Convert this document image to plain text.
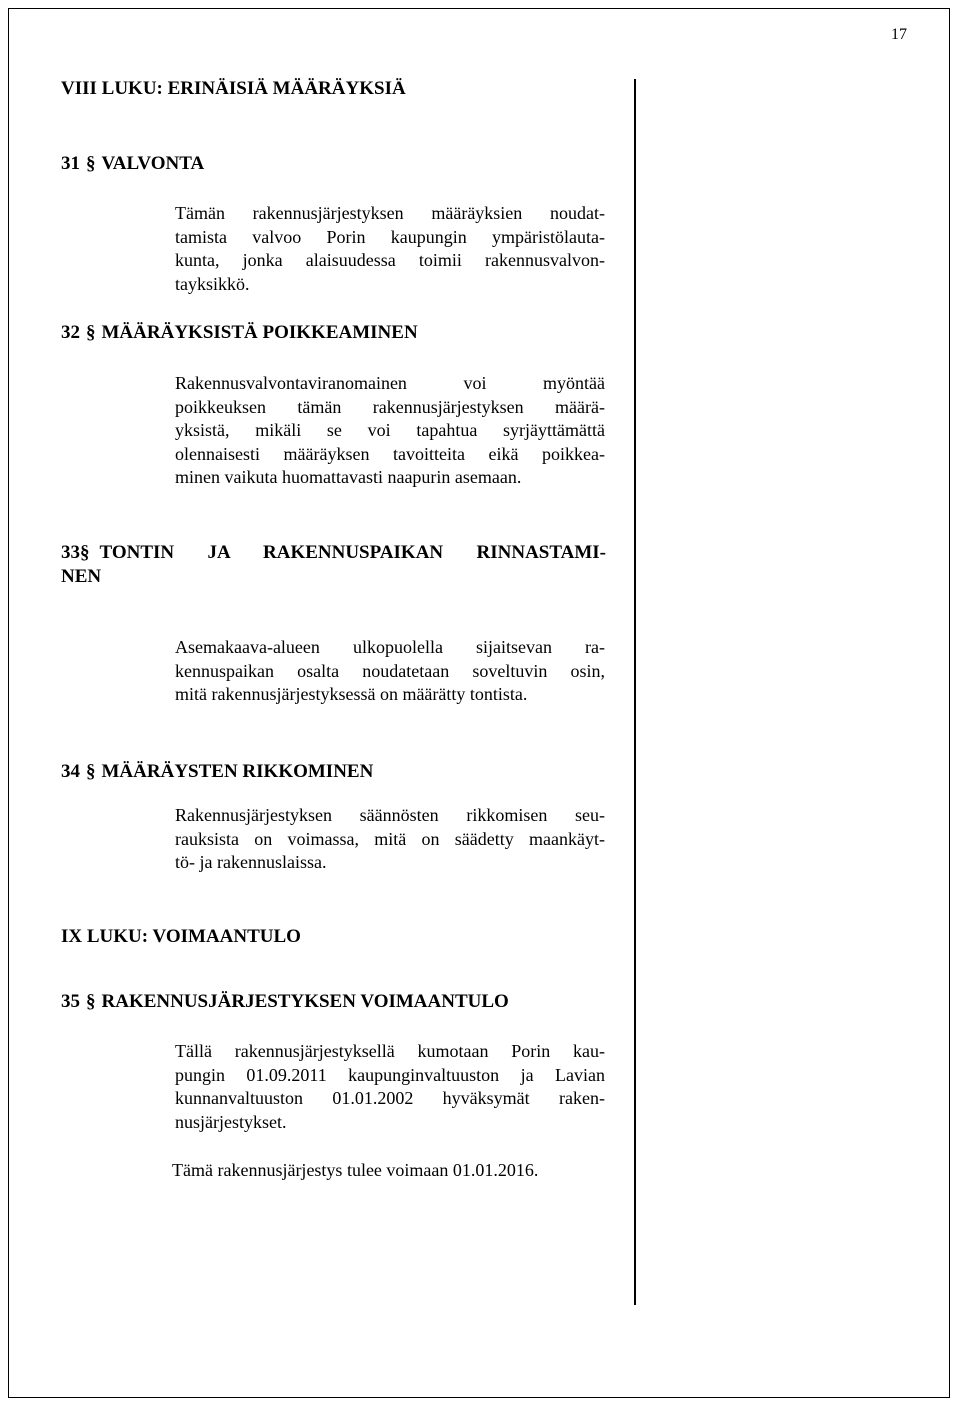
17
VIII LUKU: ERINÄISIÄ MÄÄRÄYKSIÄ
31 § VALVONTA

Tämän rakennusjärjestyksen määräyksien noudat-
tamista valvoo Porin kaupungin ympäristölauta-
kunta, jonka alaisuudessa toimii rakennusvalvon-
tayksikkö.

32 § MÄÄRÄYKSISTÄ POIKKEAMINEN

Rakennusvalvontaviranomainen voi myöntää
poikkeuksen tämän rakennusjärjestyksen määrä-
yksistä, mikäli se voi tapahtua syrjäyttämättä
olennaisesti määräyksen tavoitteita eikä poikkea-
minen vaikuta huomattavasti naapurin asemaan.

33 § TONTIN JA RAKENNUSPAIKAN RINNASTAMI-
NEN

Asemakaava-alueen ulkopuolella sijaitsevan ra-
kennuspaikan osalta noudatetaan soveltuvin osin,
mitä rakennusjärjestyksessä on määrätty tontista.

34 § MÄÄRÄYSTEN RIKKOMINEN

Rakennusjärjestyksen säännösten rikkomisen seu-
rauksista on voimassa, mitä on säädetty maankäyt-
tö- ja rakennuslaissa.

IX LUKU: VOIMAANTULO
35 § RAKENNUSJÄRJESTYKSEN VOIMAANTULO

Tällä rakennusjärjestyksellä kumotaan Porin kau-
pungin 01.09.2011 kaupunginvaltuuston ja Lavian
kunnanvaltuuston 01.01.2002 hyväksymät raken-
nusjärjestykset.

Tämä rakennusjärjestys tulee voimaan 01.01.2016.
